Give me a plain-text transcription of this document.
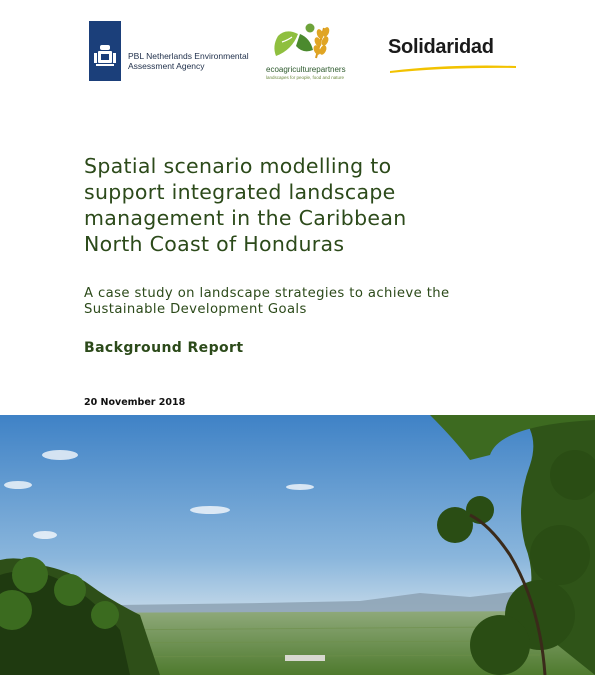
PBL Netherlands Environmental
Assessment Agency	ecoagriculturepartners
landscapes for people, food and nature
Solidaridad
Spatial scenario modelling to
support integrated landscape
management in the Caribbean
North Coast of Honduras
A case study on landscape strategies to achieve the
Sustainable Development Goals
Background Report
20 November 2018
